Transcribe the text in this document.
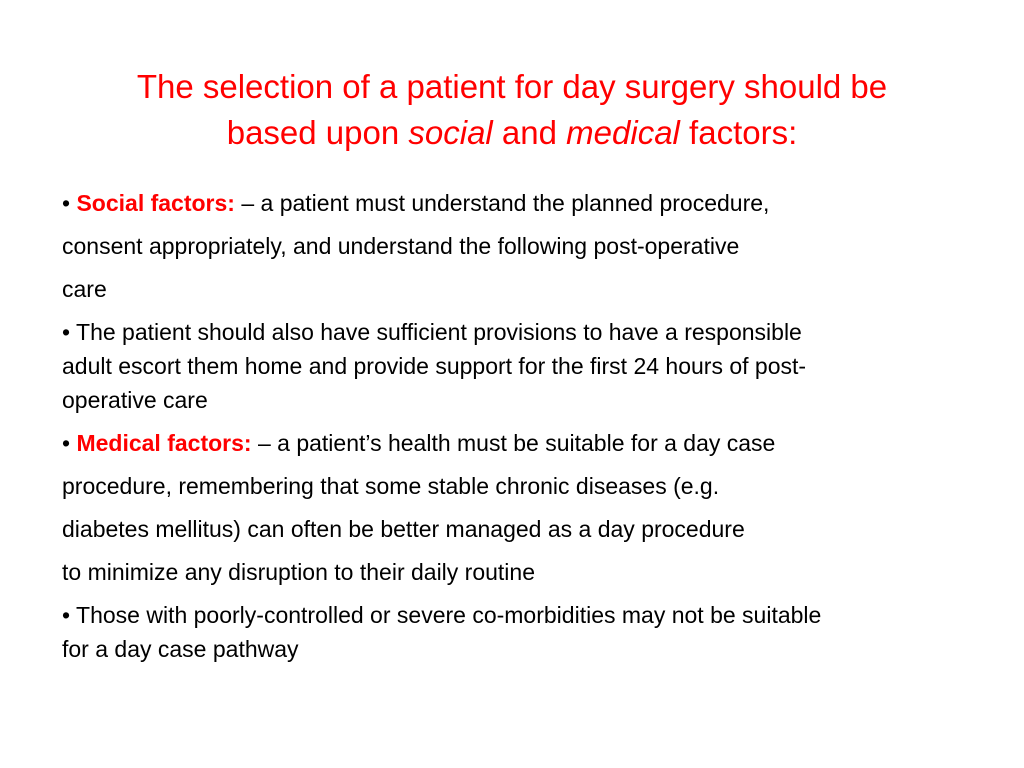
The selection of a patient for day surgery should be
based upon social and medical factors:
• Social factors: – a patient must understand the planned procedure,
consent appropriately, and understand the following post-operative
care
• The patient should also have sufficient provisions to have a responsible
adult escort them home and provide support for the first 24 hours of post-
operative care
• Medical factors: – a patient’s health must be suitable for a day case
procedure, remembering that some stable chronic diseases (e.g.
diabetes mellitus) can often be better managed as a day procedure
to minimize any disruption to their daily routine
• Those with poorly-controlled or severe co-morbidities may not be suitable
for a day case pathway
